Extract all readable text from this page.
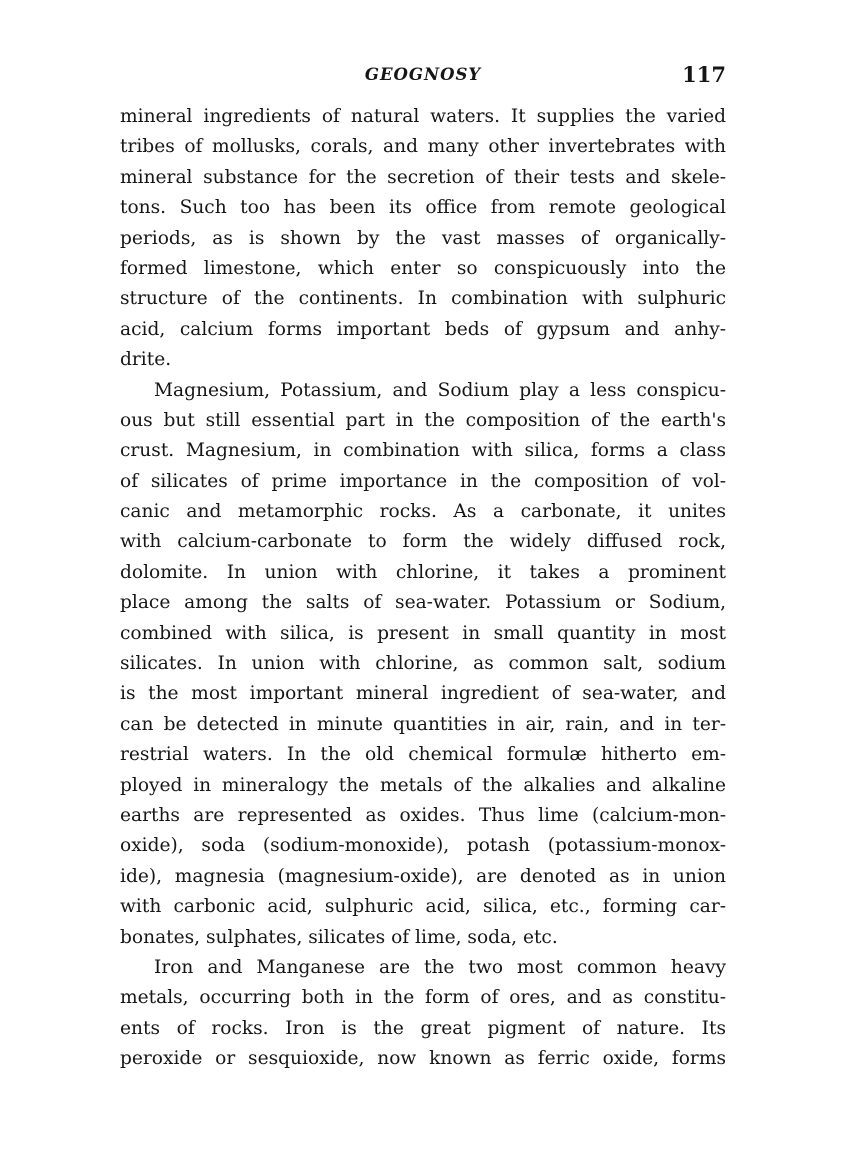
GEOGNOSY	117
mineral ingredients of natural waters. It supplies the varied
tribes of mollusks, corals, and many other invertebrates with
mineral substance for the secretion of their tests and skele-
tons. Such too has been its office from remote geological
periods, as is shown by the vast masses of organically-
formed limestone, which enter so conspicuously into the
structure of the continents. In combination with sulphuric
acid, calcium forms important beds of gypsum and anhy-
drite.
Magnesium, Potassium, and Sodium play a less conspicu-
ous but still essential part in the composition of the earth's
crust. Magnesium, in combination with silica, forms a class
of silicates of prime importance in the composition of vol-
canic and metamorphic rocks. As a carbonate, it unites
with calcium-carbonate to form the widely diffused rock,
dolomite. In union with chlorine, it takes a prominent
place among the salts of sea-water. Potassium or Sodium,
combined with silica, is present in small quantity in most
silicates. In union with chlorine, as common salt, sodium
is the most important mineral ingredient of sea-water, and
can be detected in minute quantities in air, rain, and in ter-
restrial waters. In the old chemical formulæ hitherto em-
ployed in mineralogy the metals of the alkalies and alkaline
earths are represented as oxides. Thus lime (calcium-mon-
oxide), soda (sodium-monoxide), potash (potassium-monox-
ide), magnesia (magnesium-oxide), are denoted as in union
with carbonic acid, sulphuric acid, silica, etc., forming car-
bonates, sulphates, silicates of lime, soda, etc.
Iron and Manganese are the two most common heavy
metals, occurring both in the form of ores, and as constitu-
ents of rocks. Iron is the great pigment of nature. Its
peroxide or sesquioxide, now known as ferric oxide, forms
